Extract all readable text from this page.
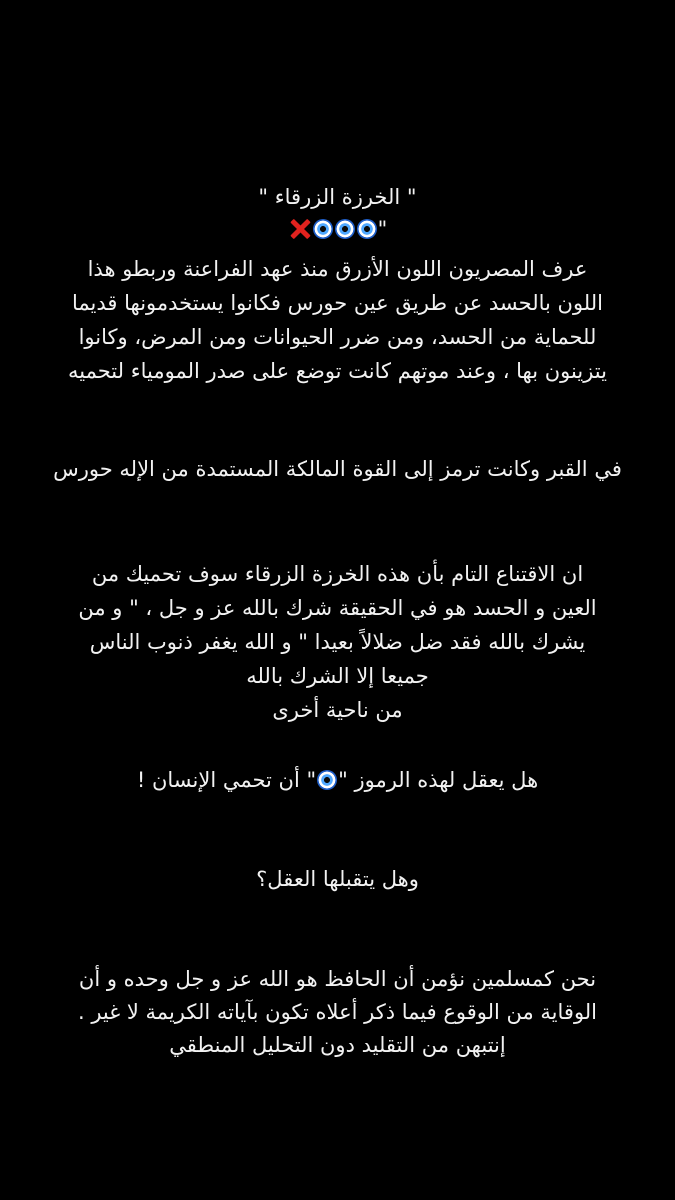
" الخرزة الزرقاء "
"
عرف المصريون اللون الأزرق منذ عهد الفراعنة وربطو هذا
اللون بالحسد عن طريق عين حورس فكانوا يستخدمونها قديما
للحماية من الحسد، ومن ضرر الحيوانات ومن المرض، وكانوا
يتزينون بها ، وعند موتهم كانت توضع على صدر المومياء لتحميه
في القبر وكانت ترمز إلى القوة المالكة المستمدة من الإله حورس
ان الاقتناع التام بأن هذه الخرزة الزرقاء سوف تحميك من
العين و الحسد هو في الحقيقة شرك بالله عز و جل ، " و من
يشرك بالله فقد ضل ضلالاً بعيدا " و الله يغفر ذنوب الناس
جميعا إلا الشرك بالله
من ناحية أخرى
هل يعقل لهذه الرموز "" أن تحمي الإنسان !
وهل يتقبلها العقل؟
نحن كمسلمين نؤمن أن الحافظ هو الله عز و جل وحده و أن
الوقاية من الوقوع فيما ذكر أعلاه تكون بآياته الكريمة لا غير .
إنتبهن من التقليد دون التحليل المنطقي
